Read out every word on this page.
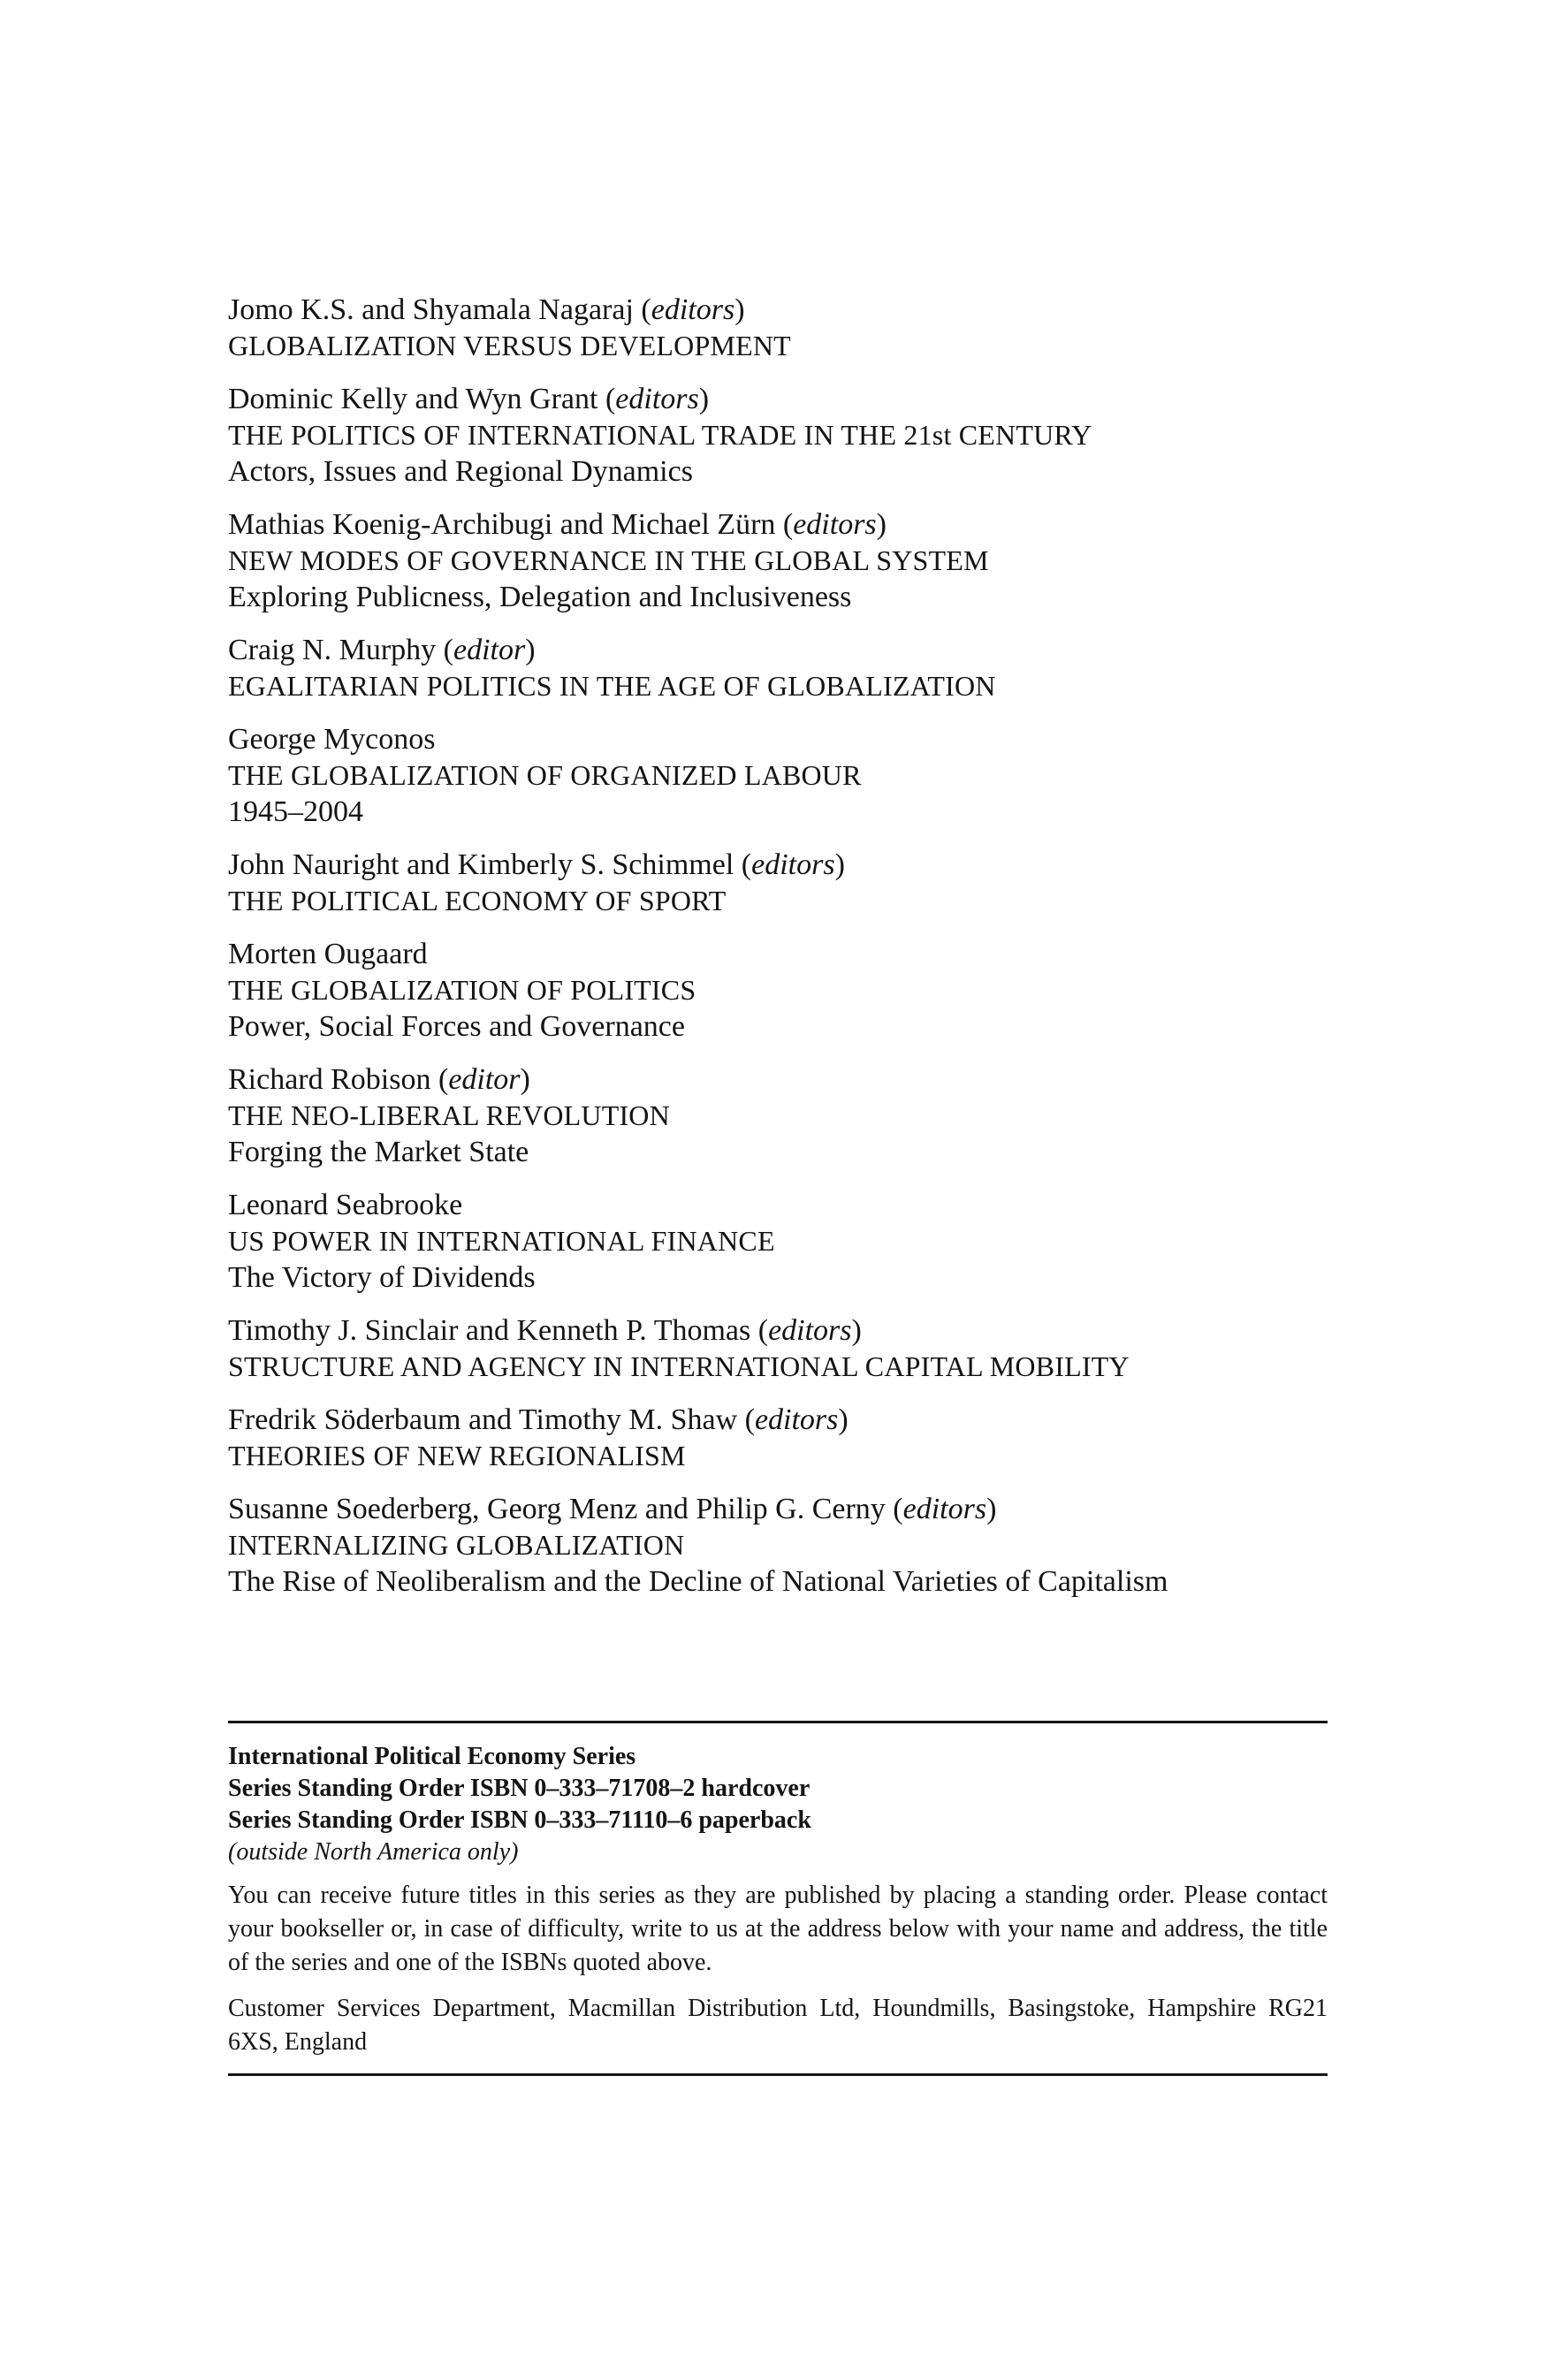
Jomo K.S. and Shyamala Nagaraj (editors)
GLOBALIZATION VERSUS DEVELOPMENT
Dominic Kelly and Wyn Grant (editors)
THE POLITICS OF INTERNATIONAL TRADE IN THE 21st CENTURY
Actors, Issues and Regional Dynamics
Mathias Koenig-Archibugi and Michael Zürn (editors)
NEW MODES OF GOVERNANCE IN THE GLOBAL SYSTEM
Exploring Publicness, Delegation and Inclusiveness
Craig N. Murphy (editor)
EGALITARIAN POLITICS IN THE AGE OF GLOBALIZATION
George Myconos
THE GLOBALIZATION OF ORGANIZED LABOUR
1945–2004
John Nauright and Kimberly S. Schimmel (editors)
THE POLITICAL ECONOMY OF SPORT
Morten Ougaard
THE GLOBALIZATION OF POLITICS
Power, Social Forces and Governance
Richard Robison (editor)
THE NEO-LIBERAL REVOLUTION
Forging the Market State
Leonard Seabrooke
US POWER IN INTERNATIONAL FINANCE
The Victory of Dividends
Timothy J. Sinclair and Kenneth P. Thomas (editors)
STRUCTURE AND AGENCY IN INTERNATIONAL CAPITAL MOBILITY
Fredrik Söderbaum and Timothy M. Shaw (editors)
THEORIES OF NEW REGIONALISM
Susanne Soederberg, Georg Menz and Philip G. Cerny (editors)
INTERNALIZING GLOBALIZATION
The Rise of Neoliberalism and the Decline of National Varieties of Capitalism
International Political Economy Series
Series Standing Order ISBN 0–333–71708–2 hardcover
Series Standing Order ISBN 0–333–71110–6 paperback
(outside North America only)
You can receive future titles in this series as they are published by placing a standing order. Please contact your bookseller or, in case of difficulty, write to us at the address below with your name and address, the title of the series and one of the ISBNs quoted above.
Customer Services Department, Macmillan Distribution Ltd, Houndmills, Basingstoke, Hampshire RG21 6XS, England
